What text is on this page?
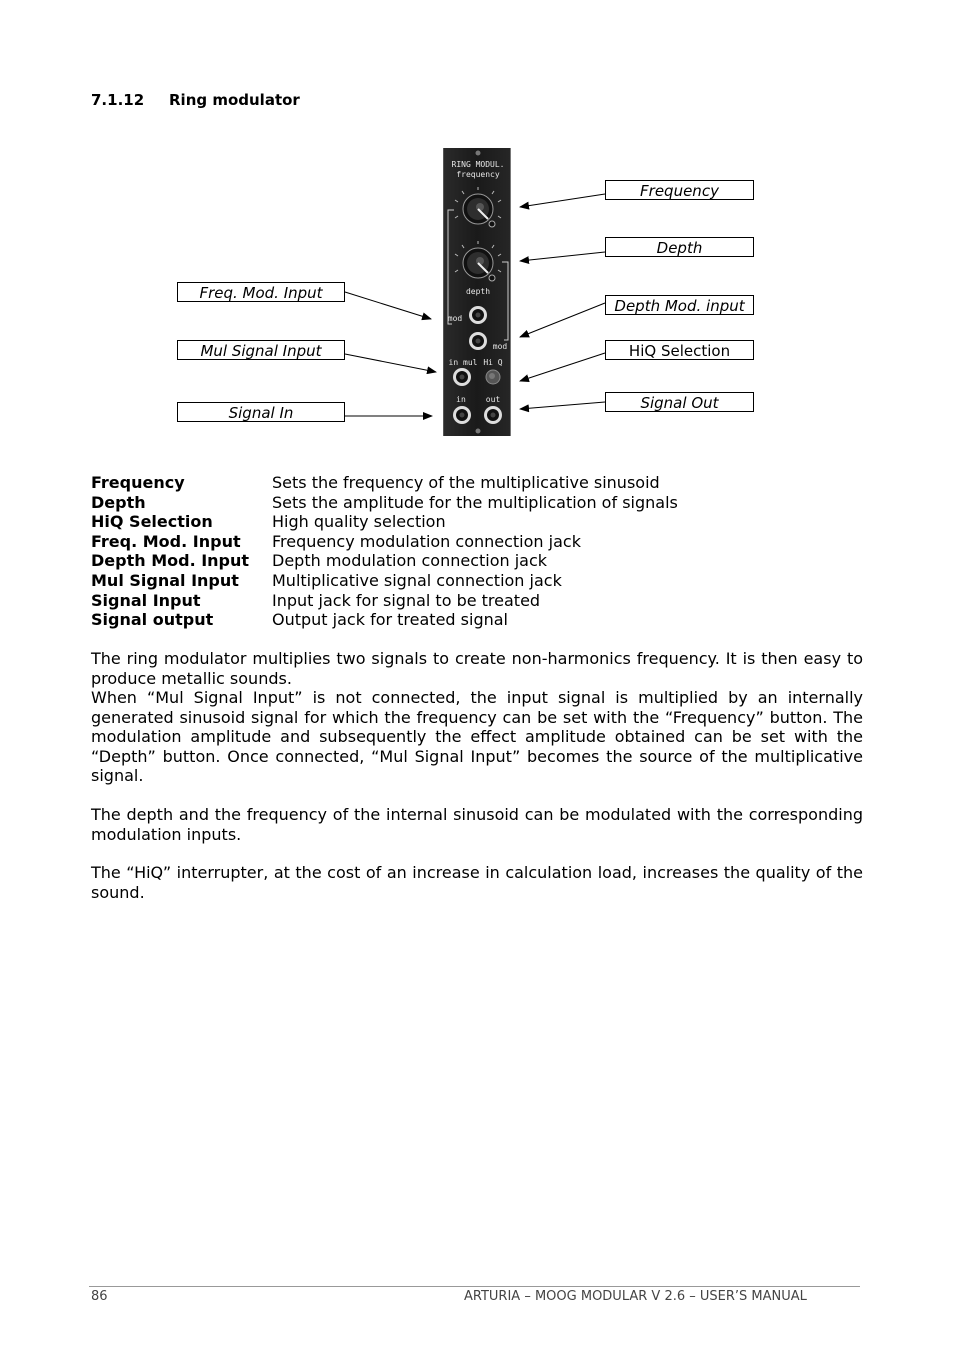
7.1.12 Ring modulator
RING MODUL.
frequency
depth
mod
mod
in mul Hi Q
in	out
Frequency
Depth
Depth Mod. input
HiQ Selection
Signal Out
Freq. Mod. Input
Mul Signal Input
Signal In
Frequency	Sets the frequency of the multiplicative sinusoid
Depth	Sets the amplitude for the multiplication of signals
HiQ Selection	High quality selection
Freq. Mod. Input	Frequency modulation connection jack
Depth Mod. Input	Depth modulation connection jack
Mul Signal Input	Multiplicative signal connection jack
Signal Input	Input jack for signal to be treated
Signal output	Output jack for treated signal

The ring modulator multiplies two signals to create non-harmonics frequency. It is then easy to produce metallic sounds.

When “Mul Signal Input” is not connected, the input signal is multiplied by an internally generated sinusoid signal for which the frequency can be set with the “Frequency” button. The modulation amplitude and subsequently the effect amplitude obtained can be set with the “Depth” button. Once connected, “Mul Signal Input” becomes the source of the multiplicative signal.

The depth and the frequency of the internal sinusoid can be modulated with the corresponding modulation inputs.

The “HiQ” interrupter, at the cost of an increase in calculation load, increases the quality of the sound.

86	ARTURIA – MOOG MODULAR V 2.6 – USER’S MANUAL
